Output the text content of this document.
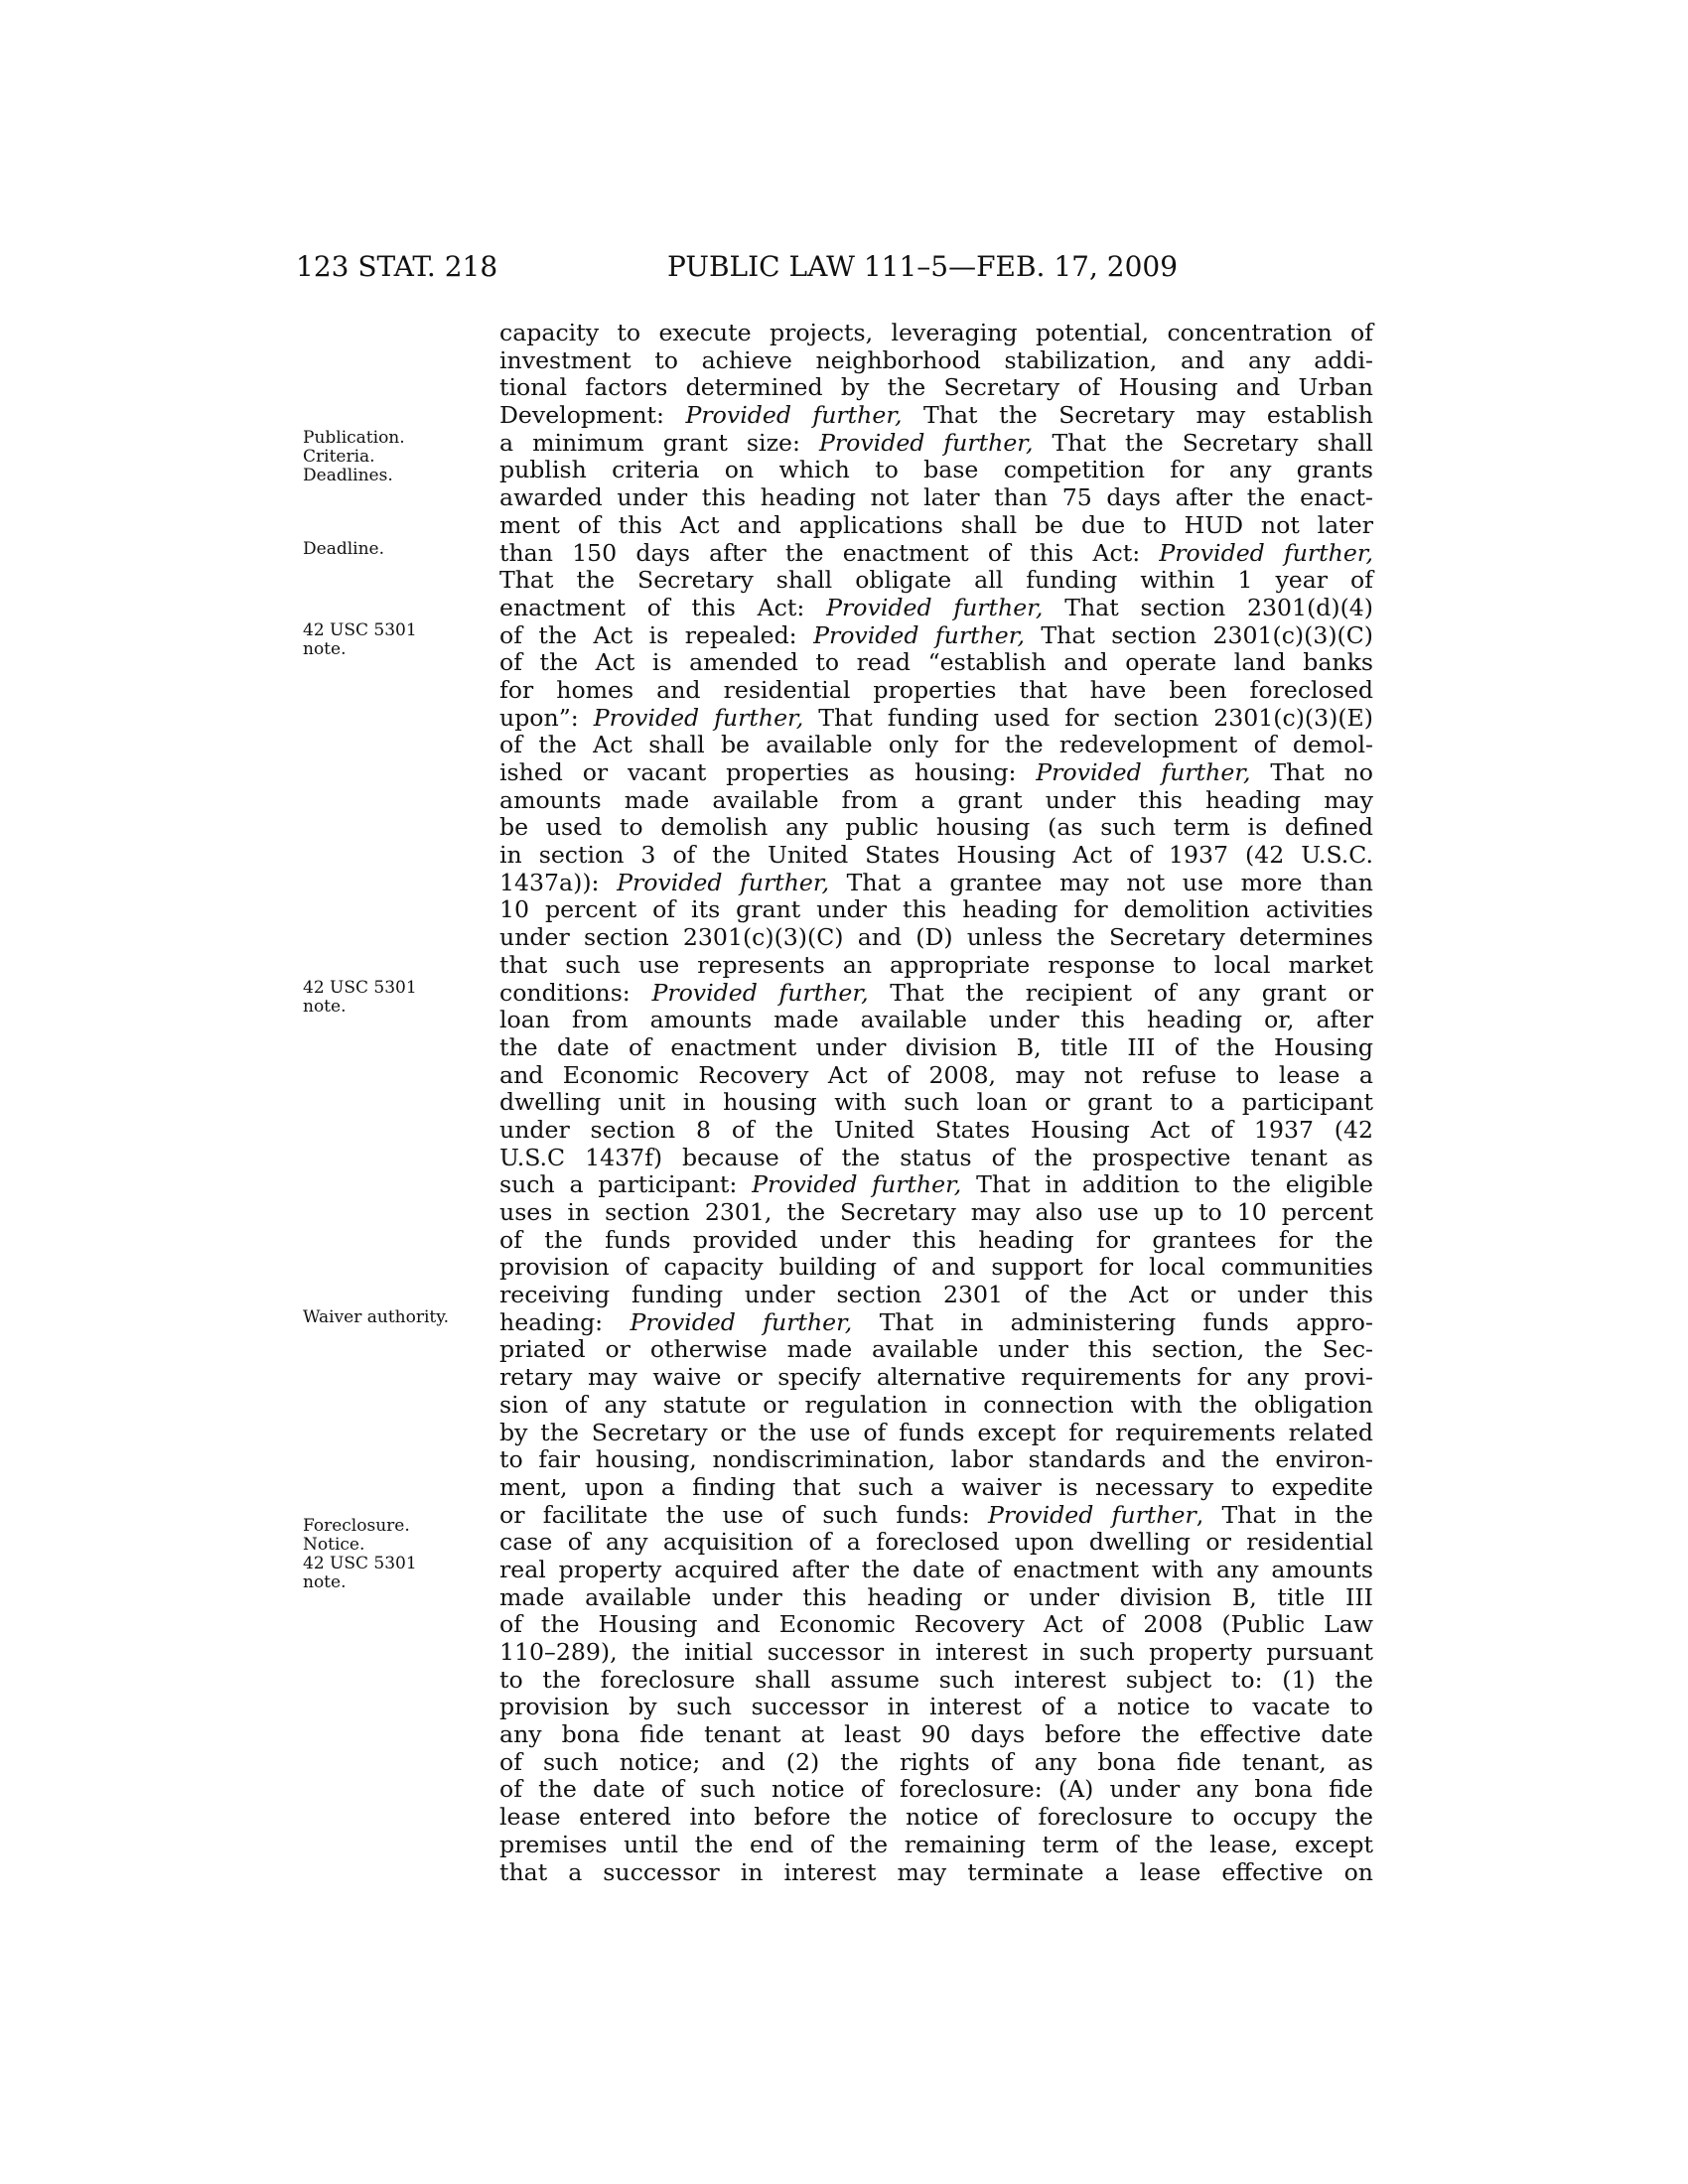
123 STAT. 218	PUBLIC LAW 111–5—FEB. 17, 2009
Publication.
Criteria.
Deadlines.
Deadline.
42 USC 5301
note.
42 USC 5301
note.
Waiver authority.
Foreclosure.
Notice.
42 USC 5301
note.
capacity to execute projects, leveraging potential, concentration of
investment to achieve neighborhood stabilization, and any addi-
tional factors determined by the Secretary of Housing and Urban
Development: Provided further, That the Secretary may establish
a minimum grant size: Provided further, That the Secretary shall
publish criteria on which to base competition for any grants
awarded under this heading not later than 75 days after the enact-
ment of this Act and applications shall be due to HUD not later
than 150 days after the enactment of this Act: Provided further,
That the Secretary shall obligate all funding within 1 year of
enactment of this Act: Provided further, That section 2301(d)(4)
of the Act is repealed: Provided further, That section 2301(c)(3)(C)
of the Act is amended to read “establish and operate land banks
for homes and residential properties that have been foreclosed
upon”: Provided further, That funding used for section 2301(c)(3)(E)
of the Act shall be available only for the redevelopment of demol-
ished or vacant properties as housing: Provided further, That no
amounts made available from a grant under this heading may
be used to demolish any public housing (as such term is defined
in section 3 of the United States Housing Act of 1937 (42 U.S.C.
1437a)): Provided further, That a grantee may not use more than
10 percent of its grant under this heading for demolition activities
under section 2301(c)(3)(C) and (D) unless the Secretary determines
that such use represents an appropriate response to local market
conditions: Provided further, That the recipient of any grant or
loan from amounts made available under this heading or, after
the date of enactment under division B, title III of the Housing
and Economic Recovery Act of 2008, may not refuse to lease a
dwelling unit in housing with such loan or grant to a participant
under section 8 of the United States Housing Act of 1937 (42
U.S.C 1437f) because of the status of the prospective tenant as
such a participant: Provided further, That in addition to the eligible
uses in section 2301, the Secretary may also use up to 10 percent
of the funds provided under this heading for grantees for the
provision of capacity building of and support for local communities
receiving funding under section 2301 of the Act or under this
heading: Provided further, That in administering funds appro-
priated or otherwise made available under this section, the Sec-
retary may waive or specify alternative requirements for any provi-
sion of any statute or regulation in connection with the obligation
by the Secretary or the use of funds except for requirements related
to fair housing, nondiscrimination, labor standards and the environ-
ment, upon a finding that such a waiver is necessary to expedite
or facilitate the use of such funds: Provided further, That in the
case of any acquisition of a foreclosed upon dwelling or residential
real property acquired after the date of enactment with any amounts
made available under this heading or under division B, title III
of the Housing and Economic Recovery Act of 2008 (Public Law
110–289), the initial successor in interest in such property pursuant
to the foreclosure shall assume such interest subject to: (1) the
provision by such successor in interest of a notice to vacate to
any bona fide tenant at least 90 days before the effective date
of such notice; and (2) the rights of any bona fide tenant, as
of the date of such notice of foreclosure: (A) under any bona fide
lease entered into before the notice of foreclosure to occupy the
premises until the end of the remaining term of the lease, except
that a successor in interest may terminate a lease effective on
